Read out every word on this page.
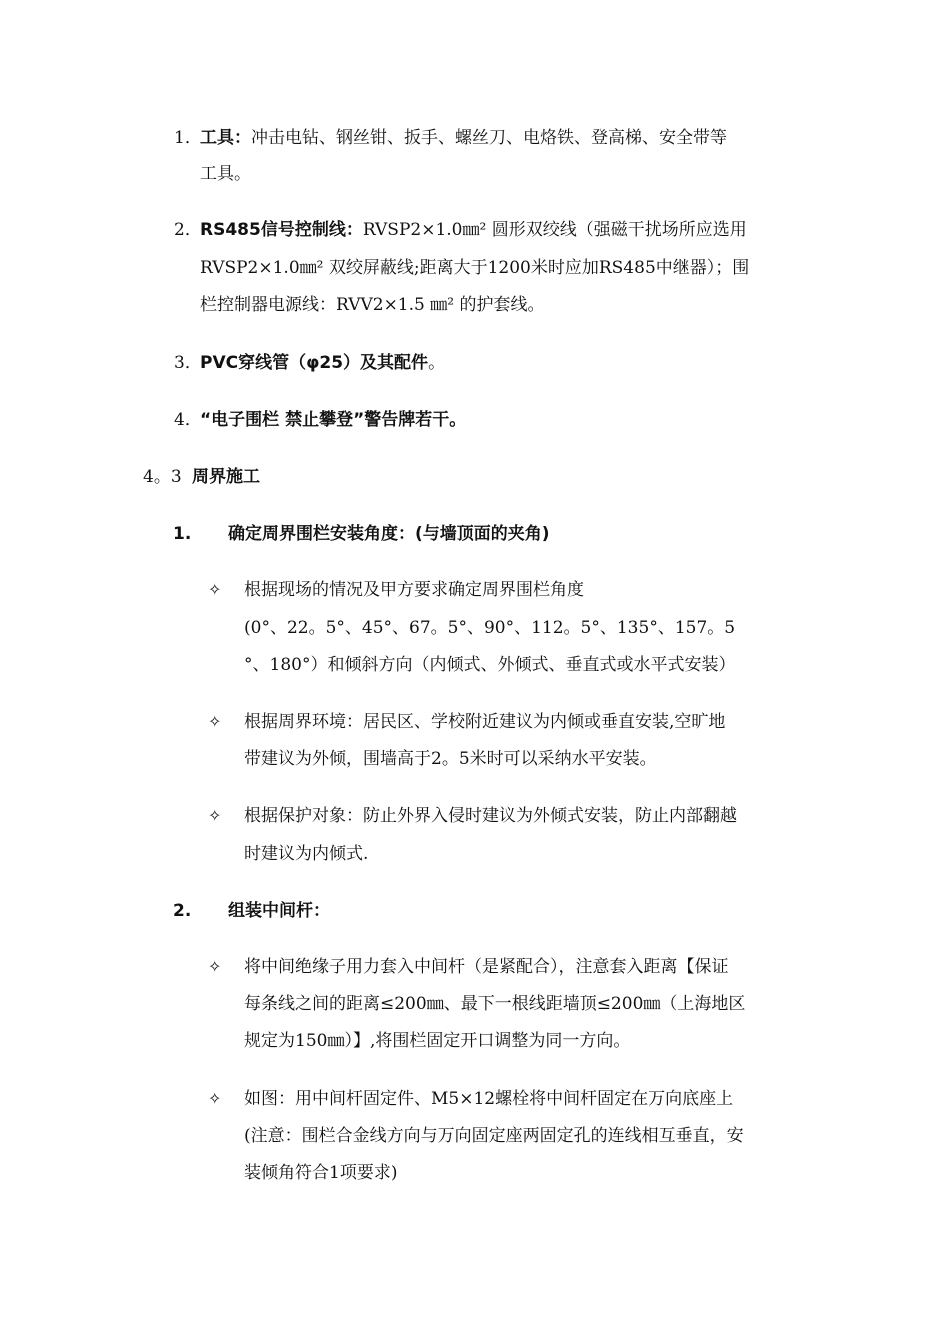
1．
工具：冲击电钻、钢丝钳、扳手、螺丝刀、电烙铁、登高梯、安全带等
工具。
2．
RS485信号控制线：RVSP2×1.0㎜² 圆形双绞线（强磁干扰场所应选用
RVSP2×1.0㎜² 双绞屏蔽线;距离大于1200米时应加RS485中继器）；围
栏控制器电源线：RVV2×1.5 ㎜² 的护套线。
3．
PVC穿线管（φ25）及其配件。
4．
“电子围栏 禁止攀登”警告牌若干。
4。3 周界施工
1. 确定周界围栏安装角度：(与墙顶面的夹角)
✧ 根据现场的情况及甲方要求确定周界围栏角度
(0°、22。5°、45°、67。5°、90°、112。5°、135°、157。5
°、180°）和倾斜方向（内倾式、外倾式、垂直式或水平式安装）
✧ 根据周界环境：居民区、学校附近建议为内倾或垂直安装,空旷地
带建议为外倾，围墙高于2。5米时可以采纳水平安装。
✧ 根据保护对象：防止外界入侵时建议为外倾式安装，防止内部翻越
时建议为内倾式.
2. 组装中间杆：
✧ 将中间绝缘子用力套入中间杆（是紧配合），注意套入距离【保证
每条线之间的距离≤200㎜、最下一根线距墙顶≤200㎜（上海地区
规定为150㎜）】,将围栏固定开口调整为同一方向。
✧ 如图：用中间杆固定件、M5×12螺栓将中间杆固定在万向底座上
(注意：围栏合金线方向与万向固定座两固定孔的连线相互垂直，安
装倾角符合1项要求)
